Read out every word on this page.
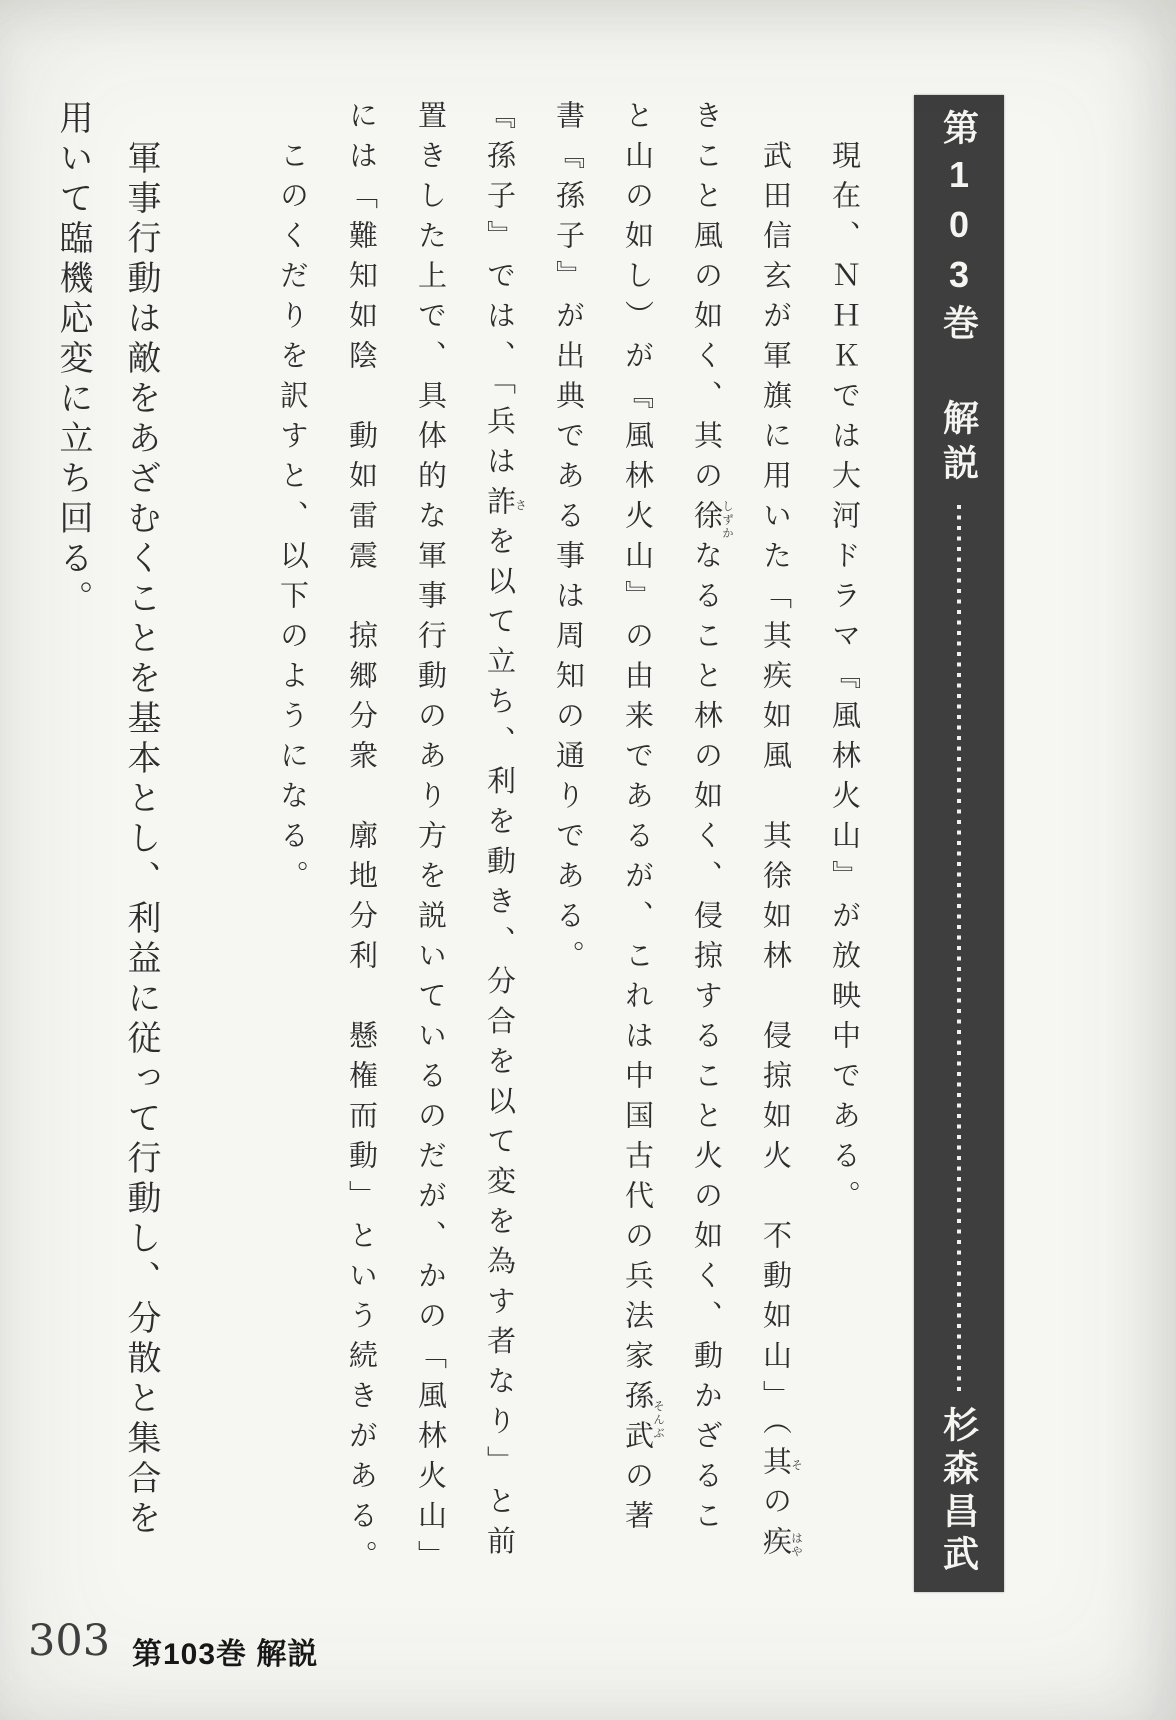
　現在、ＮＨＫでは大河ドラマ『風林火山』が放映中である。
　武田信玄が軍旗に用いた「其疾如風　其徐如林　侵掠如火　不動如山」（其 その疾 はや
きこと風の如く、其の徐 しずかなること林の如く、侵掠すること火の如く、動かざるこ
と山の如し）が『風林火山』の由来であるが、これは中国古代の兵法家孫武 そんぶの著
書『孫子』が出典である事は周知の通りである。
『孫子』では、「兵は詐 さを以て立ち、利を動き、分合を以て変を為す者なり」と前
置きした上で、具体的な軍事行動のあり方を説いているのだが、かの「風林火山」
には「難知如陰　動如雷震　掠郷分衆　廓地分利　懸権而動」という続きがある。
　このくだりを訳すと、以下のようになる。
　軍事行動は敵をあざむくことを基本とし、利益に従って行動し、分散と集合を
用いて臨機応変に立ち回る。	第103巻
解説
杉森昌武
303 第103巻 解説
